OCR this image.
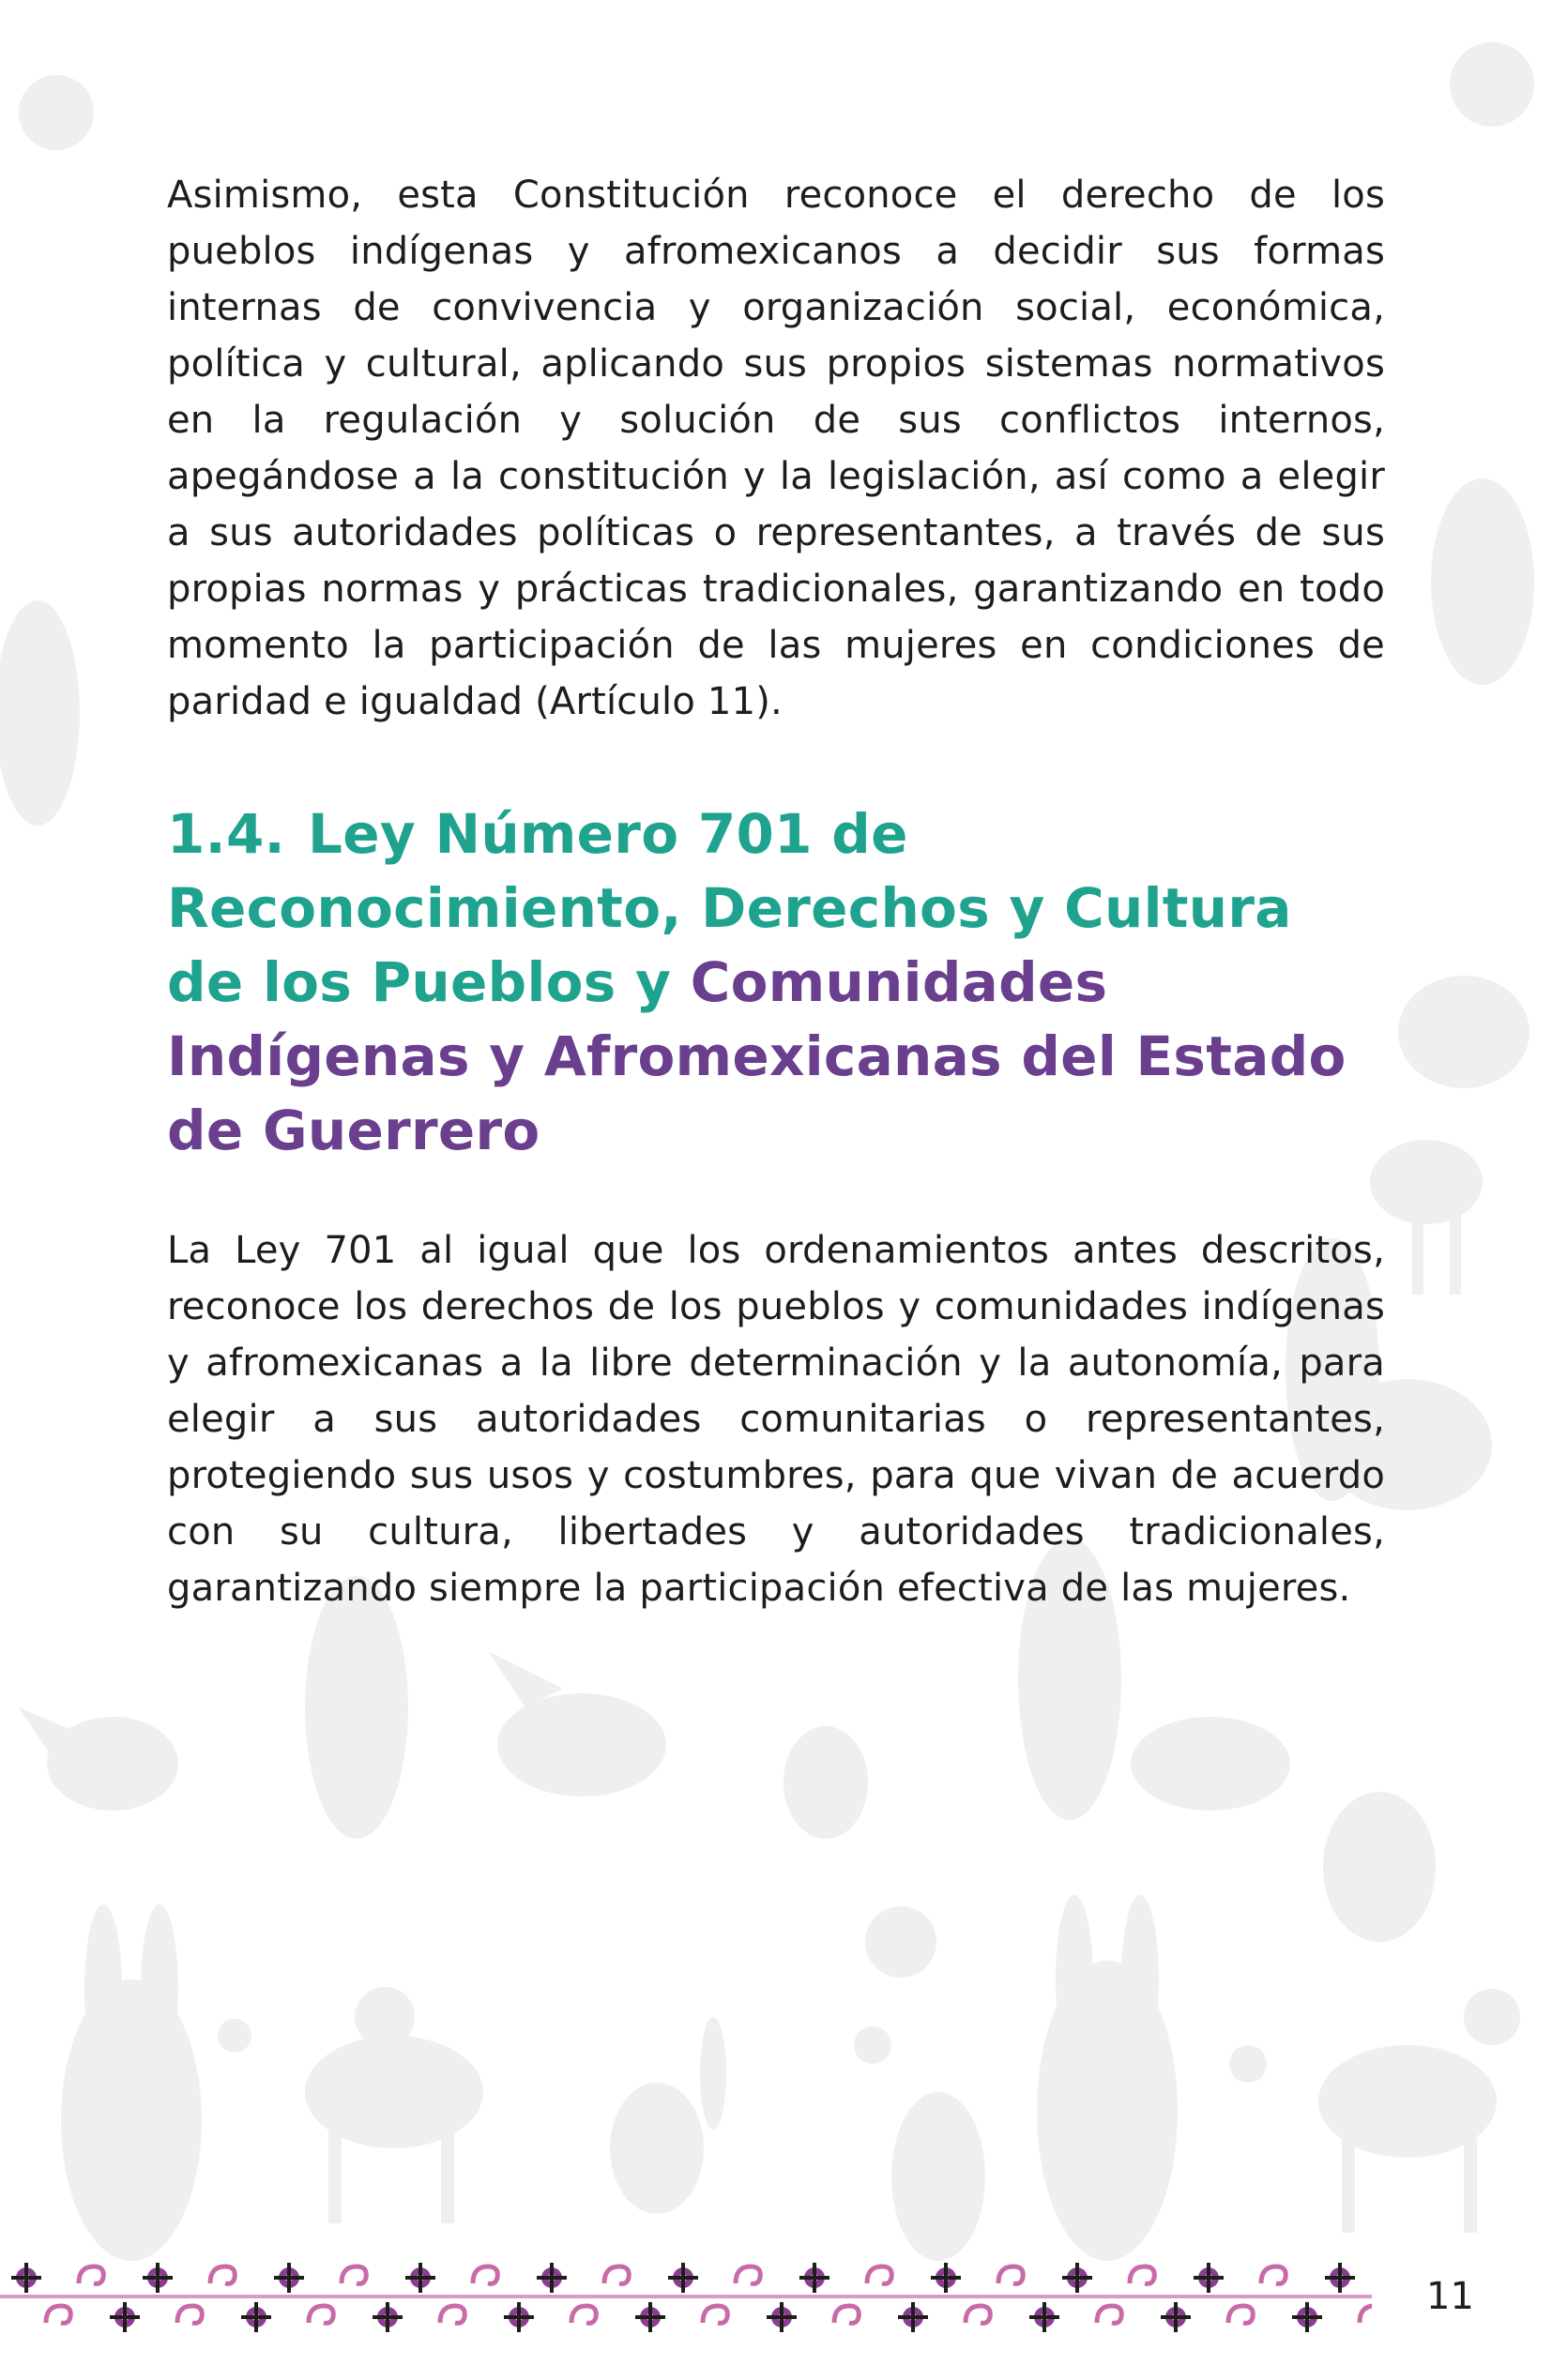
Asimismo, esta Constitución reconoce el derecho de los pueblos indígenas y afromexicanos a decidir sus formas internas de convivencia y organización social, económica, política y cultural, aplicando sus propios sistemas normativos en la regulación y solución de sus conflictos internos, apegándose a la constitución y la legislación, así como a elegir a sus autoridades políticas o representantes, a través de sus propias normas y prácticas tradicionales, garantizando en todo momento la participación de las mujeres en condiciones de paridad e igualdad (Artículo 11).

1.4. Ley Número 701 de Reconocimiento, Derechos y Cultura de los Pueblos y Comunidades Indígenas y Afromexicanas del Estado de Guerrero

La Ley 701 al igual que los ordenamientos antes descritos, reconoce los derechos de los pueblos y comunidades indígenas y afromexicanas a la libre determinación y la autonomía, para elegir a sus autoridades comunitarias o representantes, protegiendo sus usos y costumbres, para que vivan de acuerdo con su cultura, libertades y autoridades tradicionales, garantizando siempre la participación efectiva de las mujeres.

11
